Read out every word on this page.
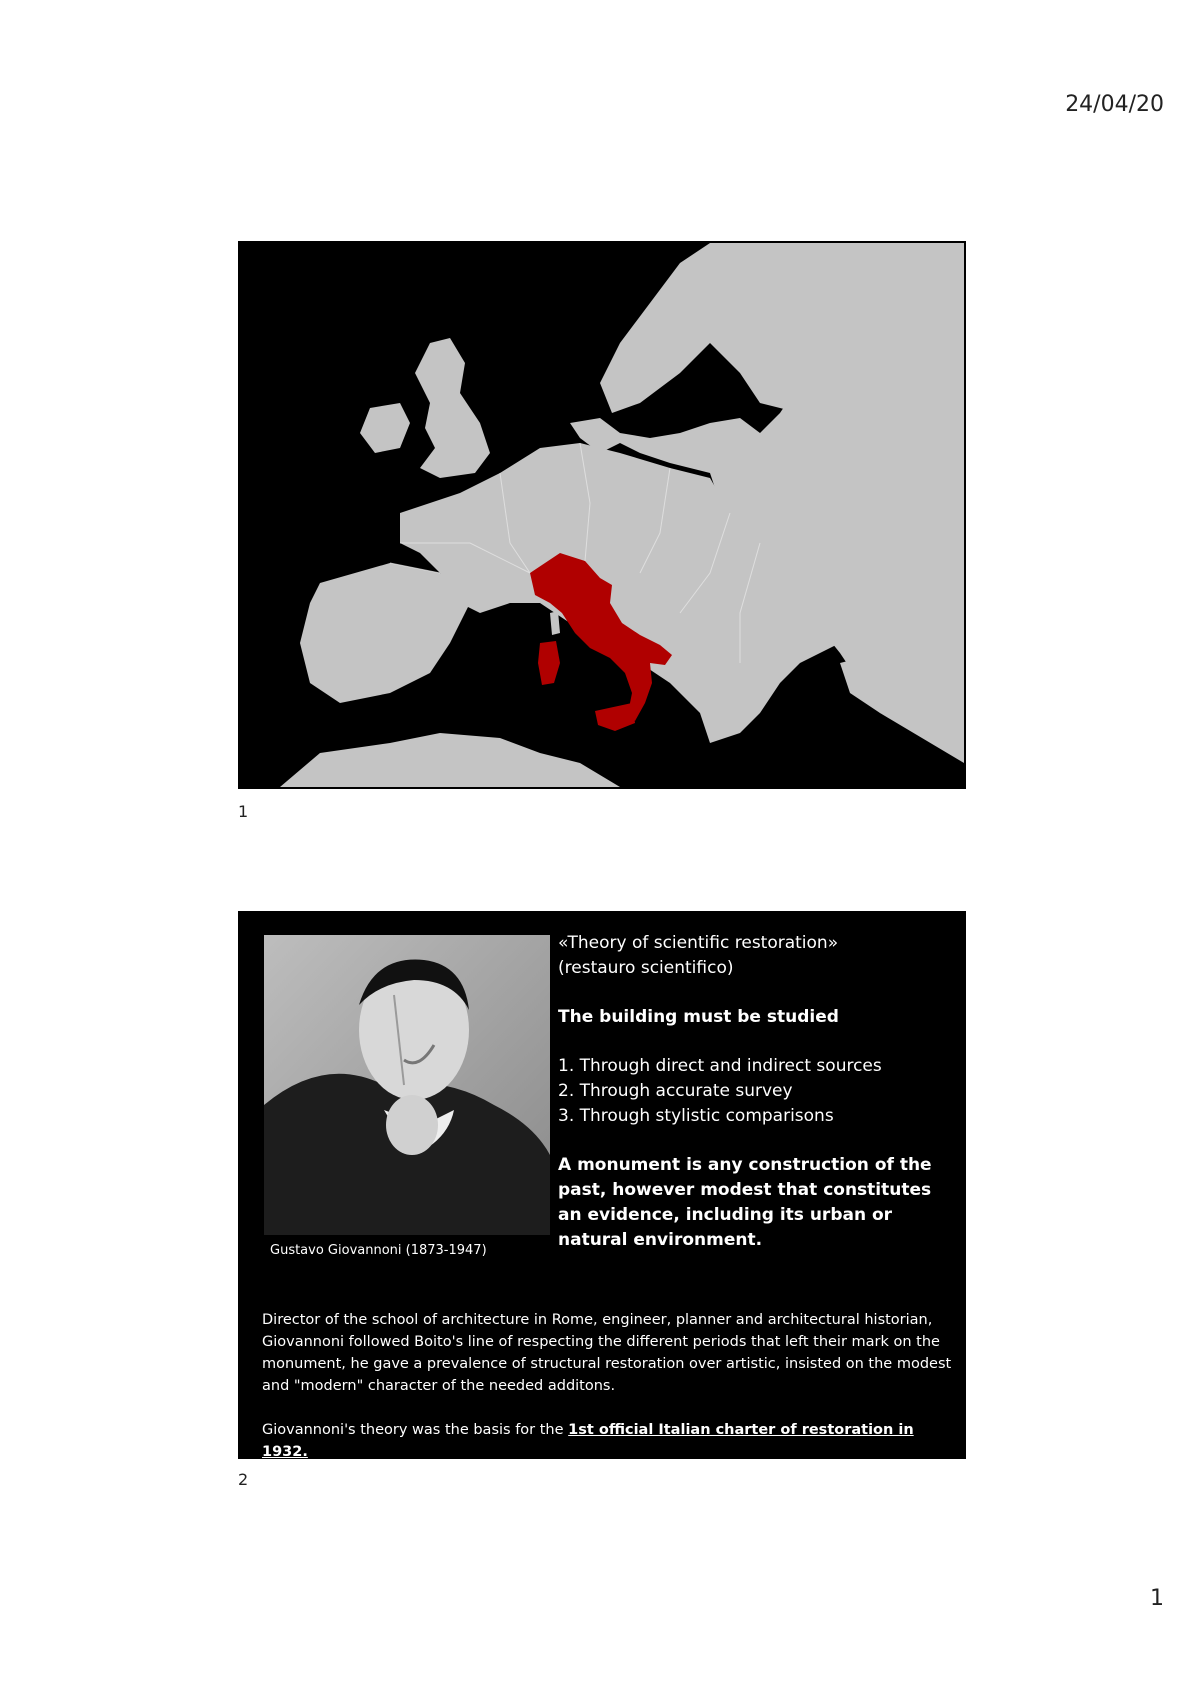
24/04/20
1
Gustavo Giovannoni (1873-1947)

«Theory of scientific restoration»

(restauro scientifico)

The building must be studied

1. Through direct and indirect sources

2. Through accurate survey

3. Through stylistic comparisons

A monument is any construction of the past, however modest that constitutes an evidence, including its urban or natural environment.

Director of the school of architecture in Rome, engineer, planner and architectural historian, Giovannoni followed Boito's line of respecting the different periods that left their mark on the monument, he gave a prevalence of structural restoration over artistic, insisted on the modest and "modern" character of the needed additons.

Giovannoni's theory was the basis for the 1st official Italian charter of restoration in 1932.

2
1
